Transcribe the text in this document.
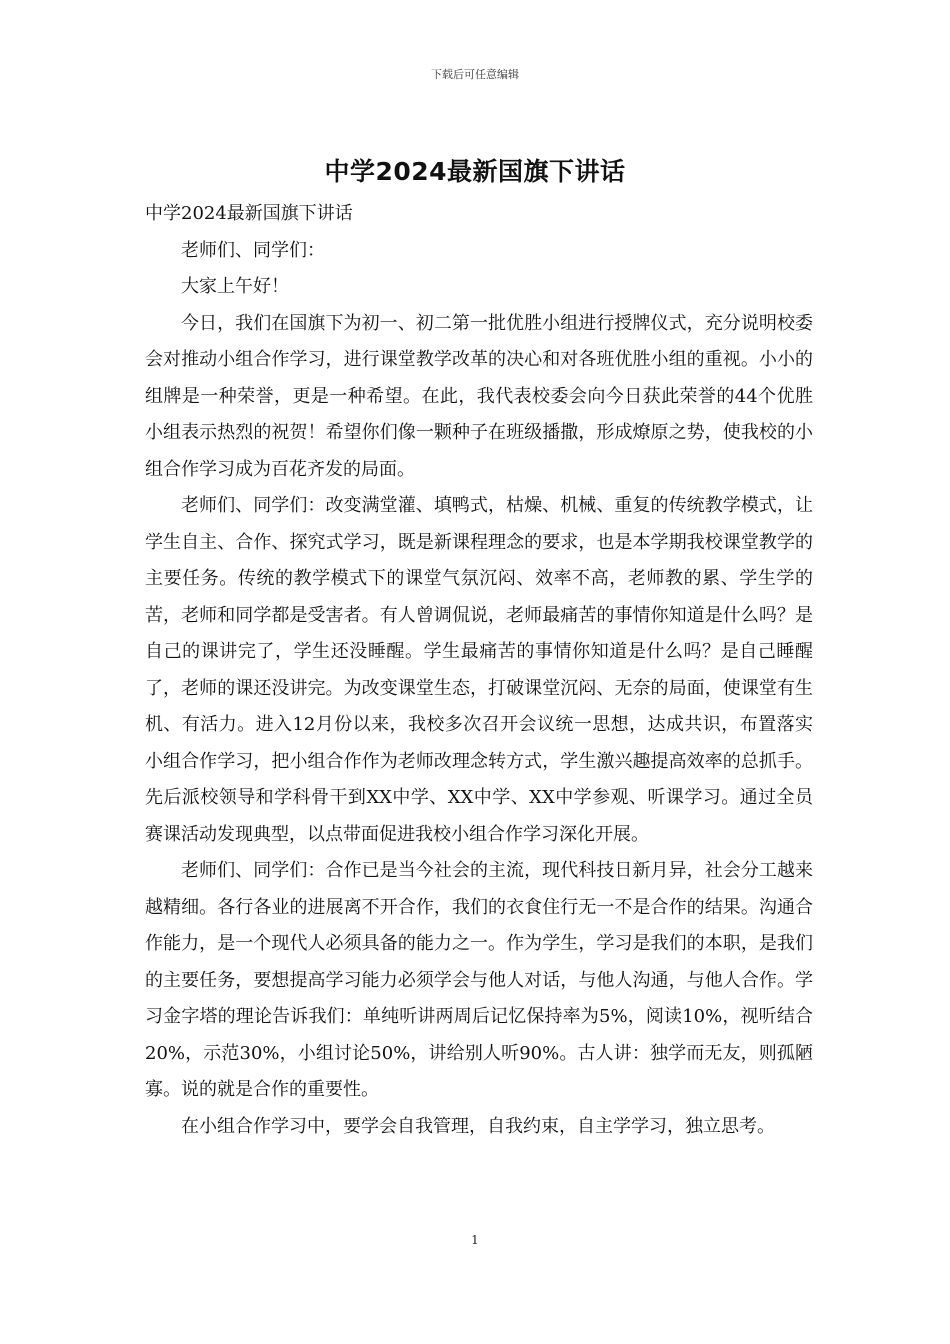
下载后可任意编辑
中学2024最新国旗下讲话

中学2024最新国旗下讲话

老师们、同学们：

大家上午好！

今日，我们在国旗下为初一、初二第一批优胜小组进行授牌仪式，充分说明校委会对推动小组合作学习，进行课堂教学改革的决心和对各班优胜小组的重视。小小的组牌是一种荣誉，更是一种希望。在此，我代表校委会向今日获此荣誉的44个优胜小组表示热烈的祝贺！希望你们像一颗种子在班级播撒，形成燎原之势，使我校的小组合作学习成为百花齐发的局面。

老师们、同学们：改变满堂灌、填鸭式，枯燥、机械、重复的传统教学模式，让学生自主、合作、探究式学习，既是新课程理念的要求，也是本学期我校课堂教学的主要任务。传统的教学模式下的课堂气氛沉闷、效率不高，老师教的累、学生学的苦，老师和同学都是受害者。有人曾调侃说，老师最痛苦的事情你知道是什么吗？是自己的课讲完了，学生还没睡醒。学生最痛苦的事情你知道是什么吗？是自己睡醒了，老师的课还没讲完。为改变课堂生态，打破课堂沉闷、无奈的局面，使课堂有生机、有活力。进入12月份以来，我校多次召开会议统一思想，达成共识，布置落实小组合作学习，把小组合作作为老师改理念转方式，学生激兴趣提高效率的总抓手。先后派校领导和学科骨干到XX中学、XX中学、XX中学参观、听课学习。通过全员赛课活动发现典型，以点带面促进我校小组合作学习深化开展。

老师们、同学们：合作已是当今社会的主流，现代科技日新月异，社会分工越来越精细。各行各业的进展离不开合作，我们的衣食住行无一不是合作的结果。沟通合作能力，是一个现代人必须具备的能力之一。作为学生，学习是我们的本职，是我们的主要任务，要想提高学习能力必须学会与他人对话，与他人沟通，与他人合作。学习金字塔的理论告诉我们：单纯听讲两周后记忆保持率为5%，阅读10%，视听结合20%，示范30%，小组讨论50%，讲给别人听90%。古人讲：独学而无友，则孤陋寡。说的就是合作的重要性。

在小组合作学习中，要学会自我管理，自我约束，自主学学习，独立思考。

1
